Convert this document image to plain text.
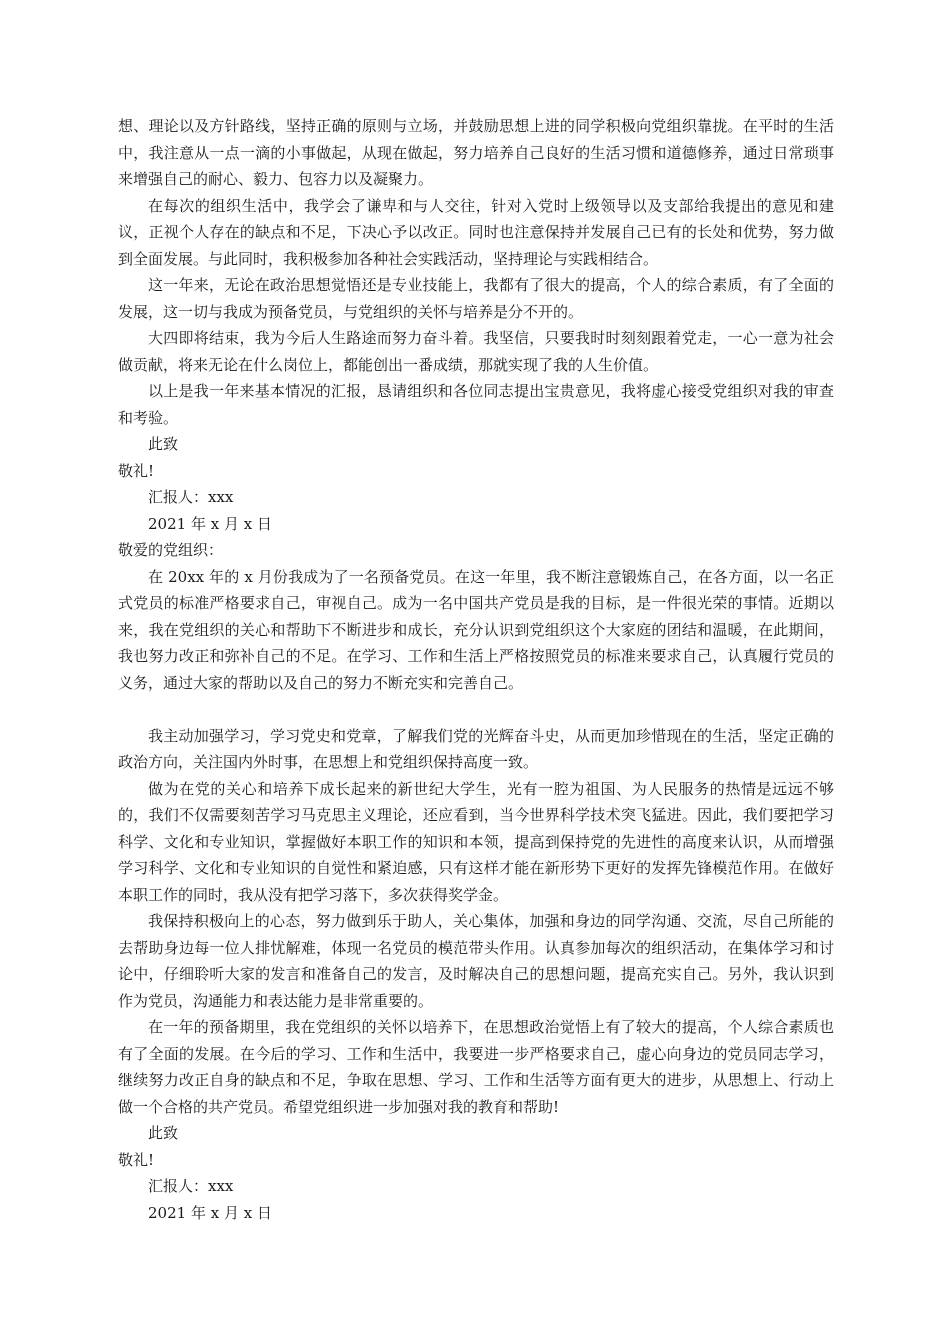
想、理论以及方针路线，坚持正确的原则与立场，并鼓励思想上进的同学积极向党组织靠拢。在平时的生活中，我注意从一点一滴的小事做起，从现在做起，努力培养自己良好的生活习惯和道德修养，通过日常琐事来增强自己的耐心、毅力、包容力以及凝聚力。

在每次的组织生活中，我学会了谦卑和与人交往，针对入党时上级领导以及支部给我提出的意见和建议，正视个人存在的缺点和不足，下决心予以改正。同时也注意保持并发展自己已有的长处和优势，努力做到全面发展。与此同时，我积极参加各种社会实践活动，坚持理论与实践相结合。

这一年来，无论在政治思想觉悟还是专业技能上，我都有了很大的提高，个人的综合素质，有了全面的发展，这一切与我成为预备党员，与党组织的关怀与培养是分不开的。

大四即将结束，我为今后人生路途而努力奋斗着。我坚信，只要我时时刻刻跟着党走，一心一意为社会做贡献，将来无论在什么岗位上，都能创出一番成绩，那就实现了我的人生价值。

以上是我一年来基本情况的汇报，恳请组织和各位同志提出宝贵意见，我将虚心接受党组织对我的审查和考验。

此致

敬礼!

汇报人：xxx

2021 年 x 月 x 日

敬爱的党组织：

在 20xx 年的 x 月份我成为了一名预备党员。在这一年里，我不断注意锻炼自己，在各方面，以一名正式党员的标准严格要求自己，审视自己。成为一名中国共产党员是我的目标，是一件很光荣的事情。近期以来，我在党组织的关心和帮助下不断进步和成长，充分认识到党组织这个大家庭的团结和温暖，在此期间，我也努力改正和弥补自己的不足。在学习、工作和生活上严格按照党员的标准来要求自己，认真履行党员的义务，通过大家的帮助以及自己的努力不断充实和完善自己。

我主动加强学习，学习党史和党章，了解我们党的光辉奋斗史，从而更加珍惜现在的生活，坚定正确的政治方向，关注国内外时事，在思想上和党组织保持高度一致。

做为在党的关心和培养下成长起来的新世纪大学生，光有一腔为祖国、为人民服务的热情是远远不够的，我们不仅需要刻苦学习马克思主义理论，还应看到，当今世界科学技术突飞猛进。因此，我们要把学习科学、文化和专业知识，掌握做好本职工作的知识和本领，提高到保持党的先进性的高度来认识，从而增强学习科学、文化和专业知识的自觉性和紧迫感，只有这样才能在新形势下更好的发挥先锋模范作用。在做好本职工作的同时，我从没有把学习落下，多次获得奖学金。

我保持积极向上的心态，努力做到乐于助人，关心集体，加强和身边的同学沟通、交流，尽自己所能的去帮助身边每一位人排忧解难，体现一名党员的模范带头作用。认真参加每次的组织活动，在集体学习和讨论中，仔细聆听大家的发言和准备自己的发言，及时解决自己的思想问题，提高充实自己。另外，我认识到作为党员，沟通能力和表达能力是非常重要的。

在一年的预备期里，我在党组织的关怀以培养下，在思想政治觉悟上有了较大的提高，个人综合素质也有了全面的发展。在今后的学习、工作和生活中，我要进一步严格要求自己，虚心向身边的党员同志学习，继续努力改正自身的缺点和不足，争取在思想、学习、工作和生活等方面有更大的进步，从思想上、行动上做一个合格的共产党员。希望党组织进一步加强对我的教育和帮助!

此致

敬礼!

汇报人：xxx

2021 年 x 月 x 日
